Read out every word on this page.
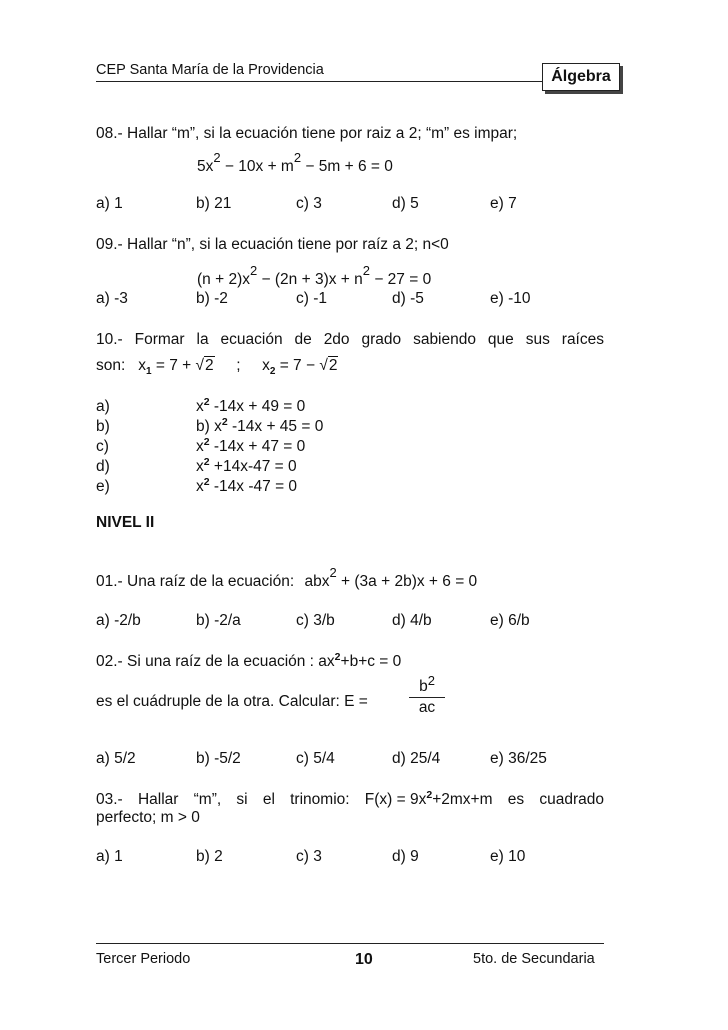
CEP Santa María de la Providencia	Álgebra
08.- Hallar “m”, si la ecuación tiene por raiz a 2; “m” es impar;
$5x^2 - 10x + m^2 - 5m + 6 = 0$
a) 1	b) 21	c) 3	d) 5	e) 7
09.- Hallar “n”, si la ecuación tiene por raíz a 2; n<0
$(n + 2)x^2 - (2n + 3)x + n^2 - 27 = 0$
a) -3	b) -2	c) -1	d) -5	e) -10
10.- Formar la ecuación de 2do grado sabiendo que sus raíces
son: $x_1 = 7 + √2$ ; $x_2 = 7 - √2$
a)	$x^2$ -14x + 49 = 0
b)	b) $x^2$ -14x + 45 = 0
c)	$x^2$ -14x + 47 = 0
d)	$x^2 +14x-47 = 0$
e)	$x^2$ -14x -47 = 0
NIVEL II
01.- Una raíz de la ecuación: abx$^2$ + (3a + 2b)x + 6 = 0
a) -2/b	b) -2/a	c) 3/b	d) 4/b	e) 6/b
02.- Si una raíz de la ecuación : $ax^2+b+c = 0$
es el cuádruple de la otra. Calcular: E =
$b^2$
ac
a) 5/2	b) -5/2	c) 5/4	d) 25/4	e) 36/25
03.- Hallar “m”, si el trinomio: $F(x) = 9x^2+2mx+m$ es cuadrado
perfecto; m > 0
a) 1	b) 2	c) 3	d) 9	e) 10
Tercer Periodo	10	5to. de Secundaria
